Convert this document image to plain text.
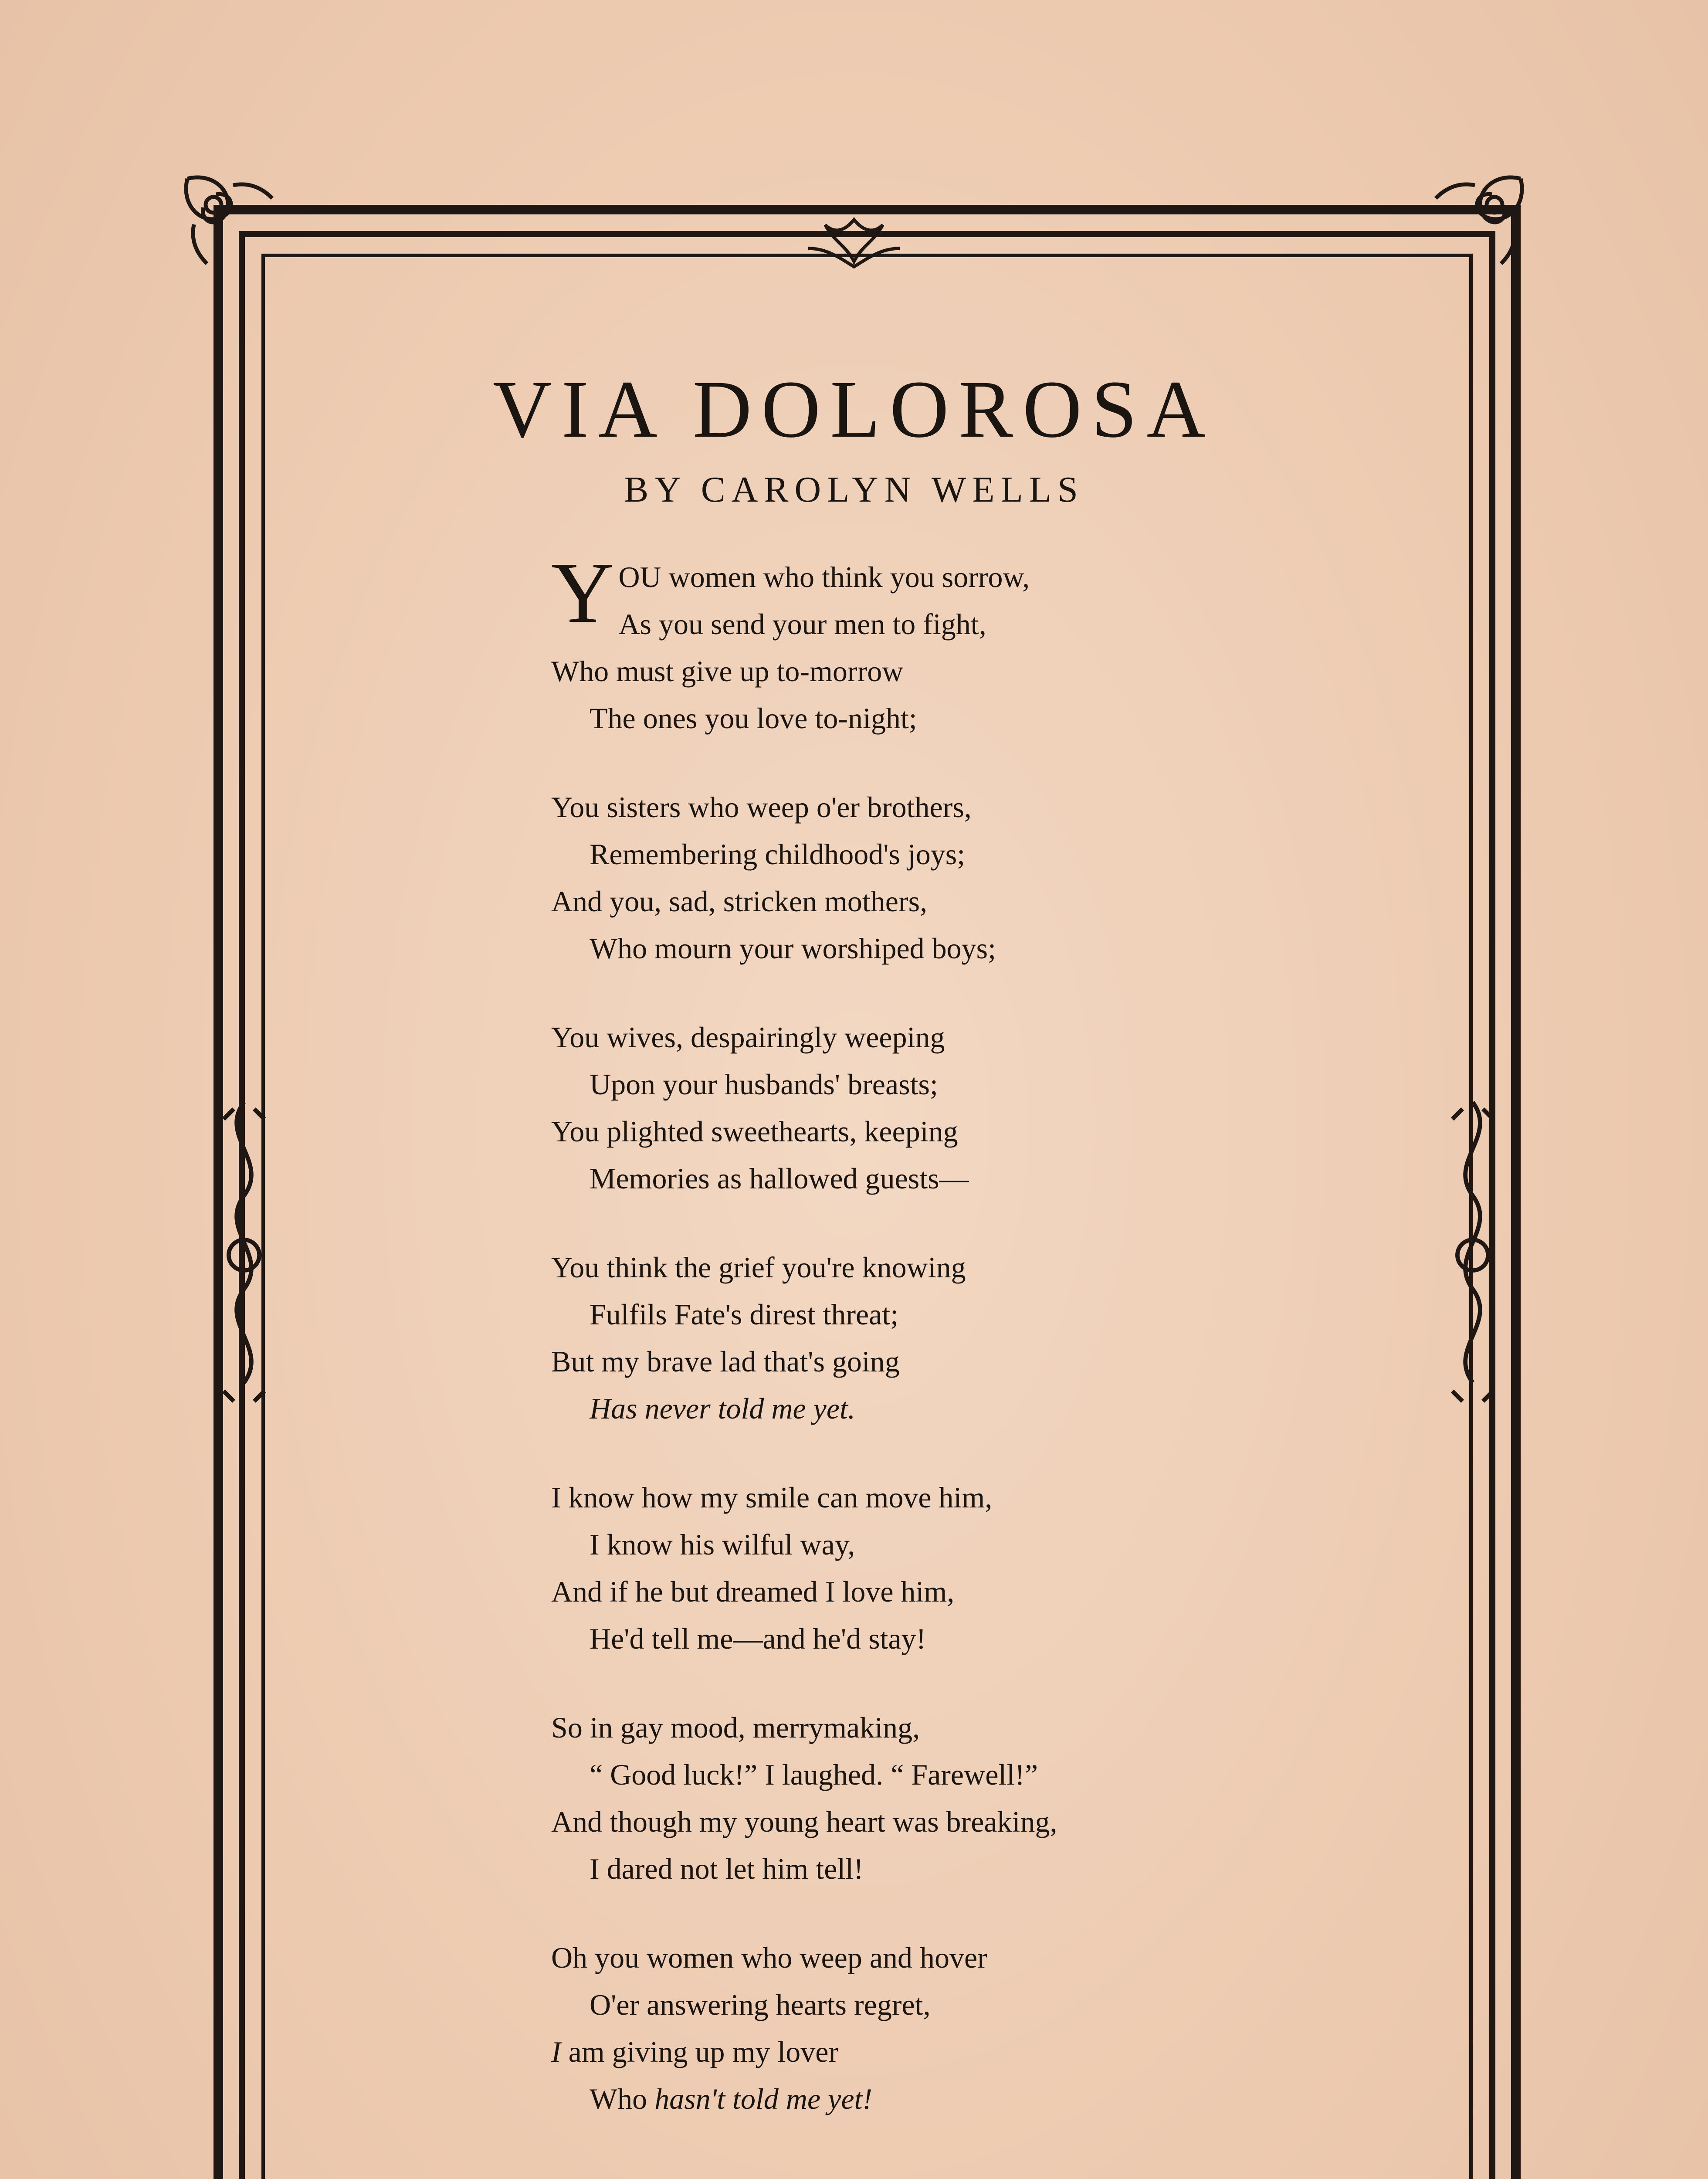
VIA DOLOROSA
BY CAROLYN WELLS
Y OU women who think you sorrow,
As you send your men to fight,
Who must give up to-morrow
The ones you love to-night;
You sisters who weep o'er brothers,
Remembering childhood's joys;
And you, sad, stricken mothers,
Who mourn your worshiped boys;
You wives, despairingly weeping
Upon your husbands' breasts;
You plighted sweethearts, keeping
Memories as hallowed guests—
You think the grief you're knowing
Fulfils Fate's direst threat;
But my brave lad that's going
Has never told me yet.
I know how my smile can move him,
I know his wilful way,
And if he but dreamed I love him,
He'd tell me—and he'd stay!
So in gay mood, merrymaking,
“ Good luck!” I laughed. “ Farewell!”
And though my young heart was breaking,
I dared not let him tell!
Oh you women who weep and hover
O'er answering hearts regret,
I am giving up my lover
Who hasn't told me yet!
